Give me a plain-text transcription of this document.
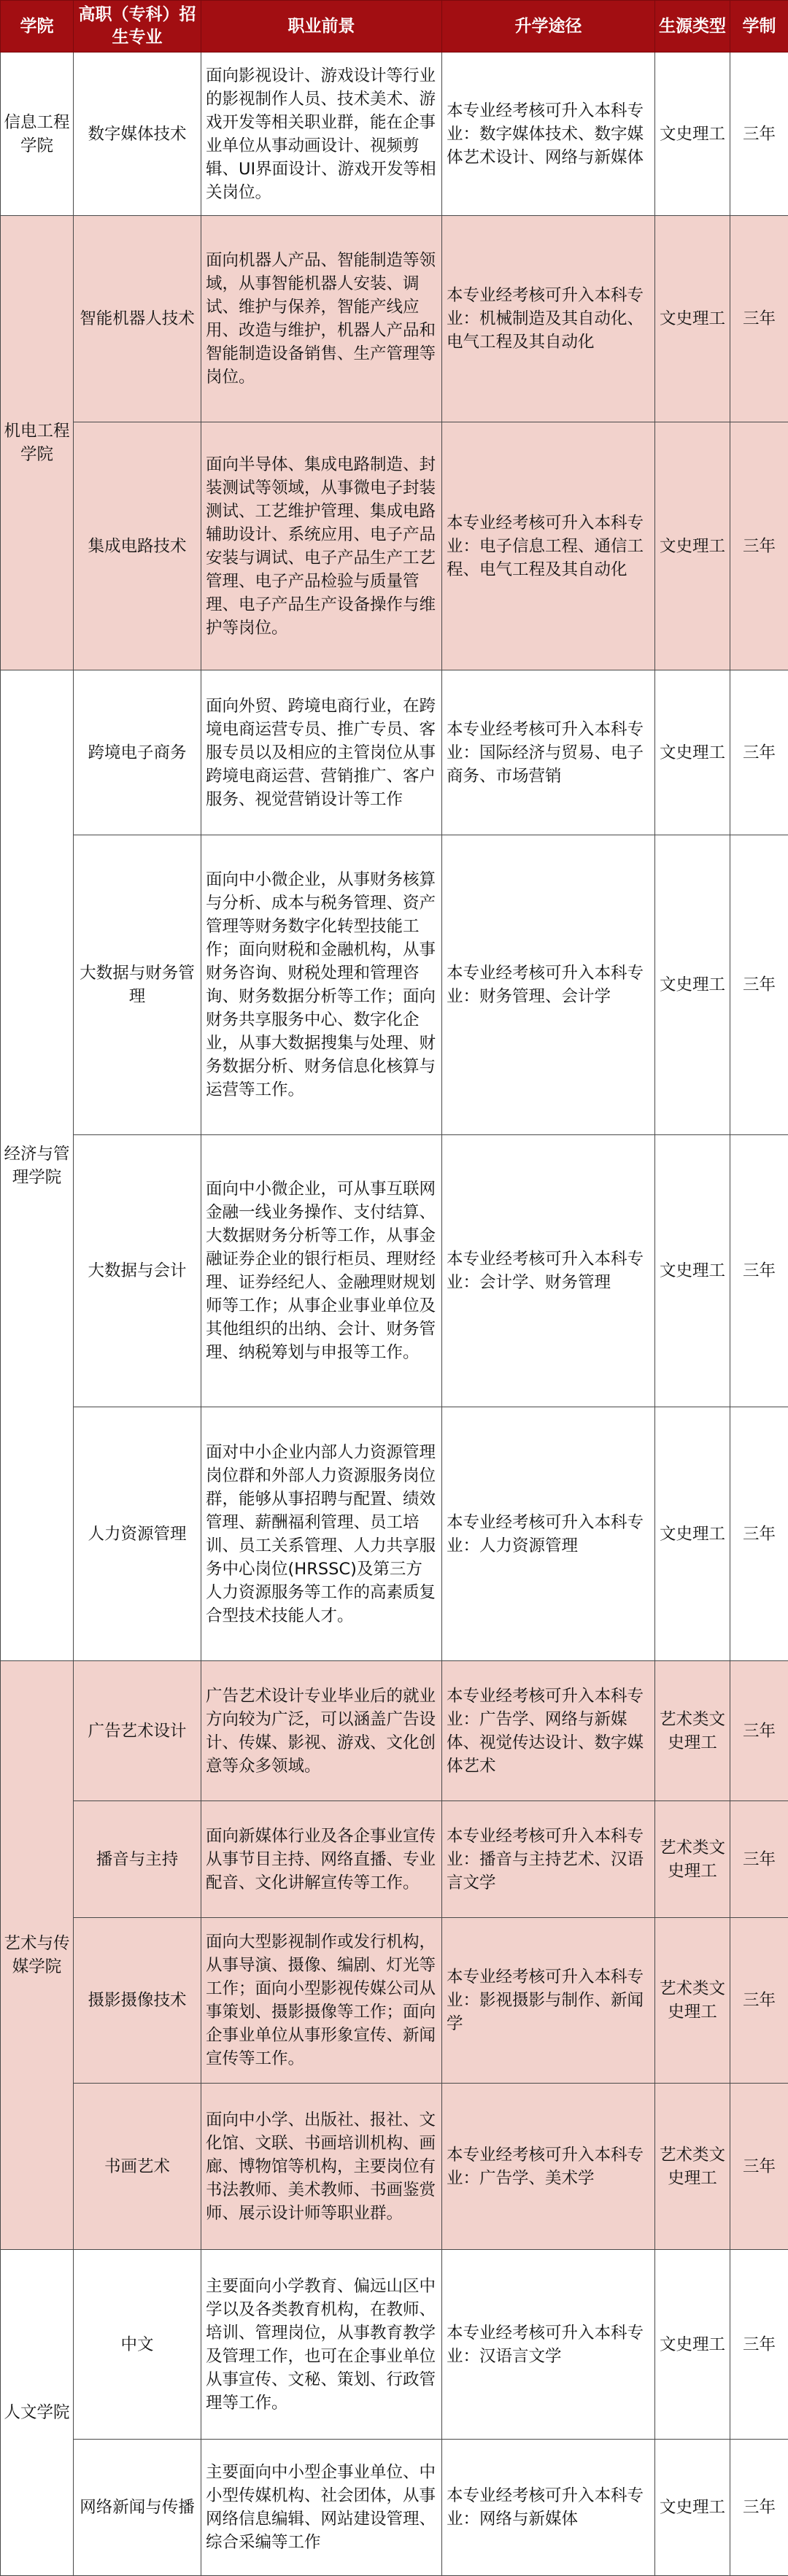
学院	高职（专科）招生专业	职业前景	升学途径	生源类型	学制
信息工程学院	数字媒体技术	面向影视设计、游戏设计等行业的影视制作人员、技术美术、游戏开发等相关职业群，能在企事业单位从事动画设计、视频剪辑、UI界面设计、游戏开发等相关岗位。	本专业经考核可升入本科专业：数字媒体技术、数字媒体艺术设计、网络与新媒体	文史理工	三年
机电工程学院	智能机器人技术	面向机器人产品、智能制造等领域，从事智能机器人安装、调试、维护与保养，智能产线应用、改造与维护，机器人产品和智能制造设备销售、生产管理等岗位。	本专业经考核可升入本科专业：机械制造及其自动化、电气工程及其自动化	文史理工	三年
	集成电路技术	面向半导体、集成电路制造、封装测试等领域，从事微电子封装测试、工艺维护管理、集成电路辅助设计、系统应用、电子产品安装与调试、电子产品生产工艺管理、电子产品检验与质量管理、电子产品生产设备操作与维护等岗位。	本专业经考核可升入本科专业：电子信息工程、通信工程、电气工程及其自动化	文史理工	三年
经济与管理学院	跨境电子商务	面向外贸、跨境电商行业，在跨境电商运营专员、推广专员、客服专员以及相应的主管岗位从事跨境电商运营、营销推广、客户服务、视觉营销设计等工作	本专业经考核可升入本科专业：国际经济与贸易、电子商务、市场营销	文史理工	三年
	大数据与财务管理	面向中小微企业，从事财务核算与分析、成本与税务管理、资产管理等财务数字化转型技能工作；面向财税和金融机构，从事财务咨询、财税处理和管理咨询、财务数据分析等工作；面向财务共享服务中心、数字化企业，从事大数据搜集与处理、财务数据分析、财务信息化核算与运营等工作。	本专业经考核可升入本科专业：财务管理、会计学	文史理工	三年
	大数据与会计	面向中小微企业，可从事互联网金融一线业务操作、支付结算、大数据财务分析等工作，从事金融证券企业的银行柜员、理财经理、证券经纪人、金融理财规划师等工作；从事企业事业单位及其他组织的出纳、会计、财务管理、纳税筹划与申报等工作。	本专业经考核可升入本科专业：会计学、财务管理	文史理工	三年
	人力资源管理	面对中小企业内部人力资源管理岗位群和外部人力资源服务岗位群，能够从事招聘与配置、绩效管理、薪酬福利管理、员工培训、员工关系管理、人力共享服务中心岗位(HRSSC)及第三方人力资源服务等工作的高素质复合型技术技能人才。	本专业经考核可升入本科专业：人力资源管理	文史理工	三年
艺术与传媒学院	广告艺术设计	广告艺术设计专业毕业后的就业方向较为广泛，可以涵盖广告设计、传媒、影视、游戏、文化创意等众多领域。	本专业经考核可升入本科专业：广告学、网络与新媒体、视觉传达设计、数字媒体艺术	艺术类文史理工	三年
	播音与主持	面向新媒体行业及各企事业宣传从事节目主持、网络直播、专业配音、文化讲解宣传等工作。	本专业经考核可升入本科专业：播音与主持艺术、汉语言文学	艺术类文史理工	三年
	摄影摄像技术	面向大型影视制作或发行机构，从事导演、摄像、编剧、灯光等工作；面向小型影视传媒公司从事策划、摄影摄像等工作；面向企事业单位从事形象宣传、新闻宣传等工作。	本专业经考核可升入本科专业：影视摄影与制作、新闻学	艺术类文史理工	三年
	书画艺术	面向中小学、出版社、报社、文化馆、文联、书画培训机构、画廊、博物馆等机构，主要岗位有书法教师、美术教师、书画鉴赏师、展示设计师等职业群。	本专业经考核可升入本科专业：广告学、美术学	艺术类文史理工	三年
人文学院	中文	主要面向小学教育、偏远山区中学以及各类教育机构，在教师、培训、管理岗位，从事教育教学及管理工作，也可在企事业单位从事宣传、文秘、策划、行政管理等工作。	本专业经考核可升入本科专业：汉语言文学	文史理工	三年
	网络新闻与传播	主要面向中小型企事业单位、中小型传媒机构、社会团体，从事网络信息编辑、网站建设管理、综合采编等工作	本专业经考核可升入本科专业：网络与新媒体	文史理工	三年
